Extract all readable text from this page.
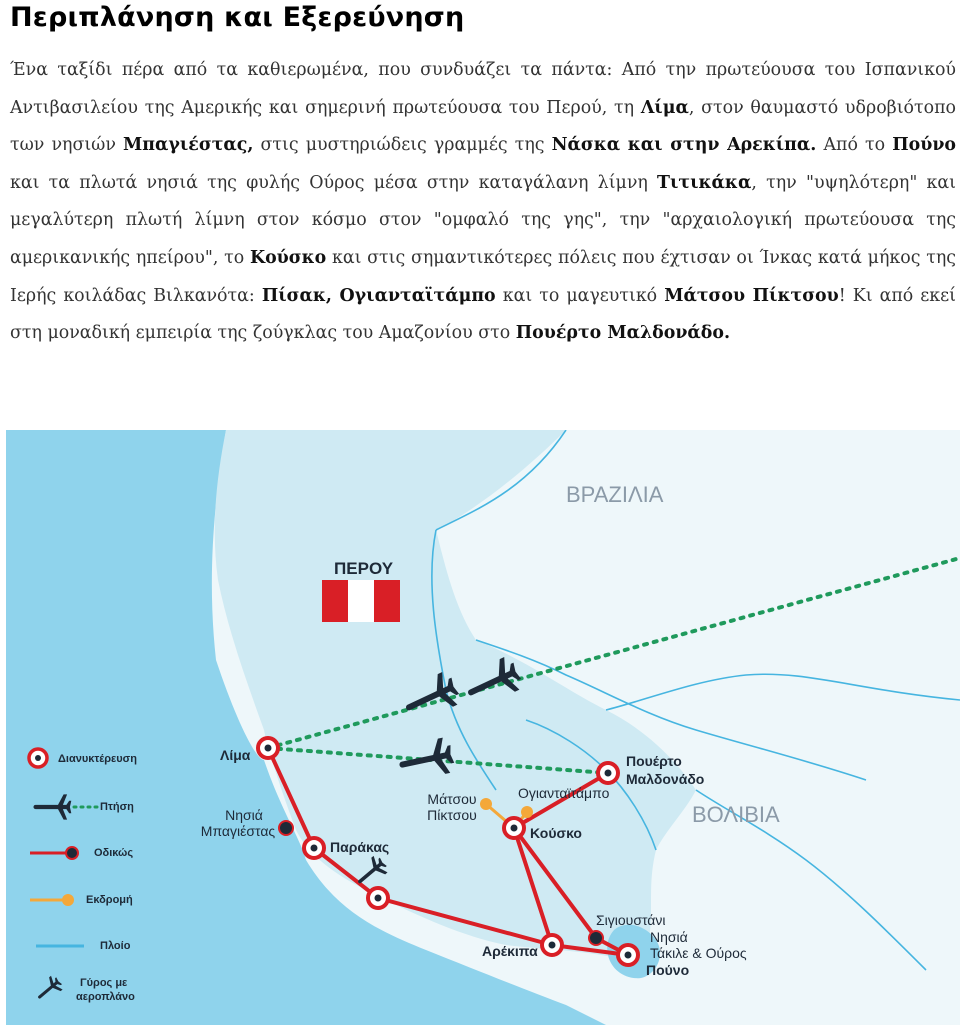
Περιπλάνηση και Εξερεύνηση
Ένα ταξίδι πέρα από τα καθιερωμένα, που συνδυάζει τα πάντα: Από την πρωτεύουσα του Ισπανικού Αντιβασιλείου της Αμερικής και σημερινή πρωτεύουσα του Περού, τη Λίμα, στον θαυμαστό υδροβιότοπο των νησιών Μπαγιέστας, στις μυστηριώδεις γραμμές της Νάσκα και στην Αρεκίπα. Από το Πούνο και τα πλωτά νησιά της φυλής Ούρος μέσα στην καταγάλανη λίμνη Τιτικάκα, την "υψηλότερη" και μεγαλύτερη πλωτή λίμνη στον κόσμο στον "ομφαλό της γης", την "αρχαιολογική πρωτεύουσα της αμερικανικής ηπείρου", το Κούσκο και στις σημαντικότερες πόλεις που έχτισαν οι Ίνκας κατά μήκος της Ιερής κοιλάδας Βιλκανότα: Πίσακ, Ογιανταϊτάμπο και το μαγευτικό Μάτσου Πίκτσου! Κι από εκεί στη μοναδική εμπειρία της ζούγκλας του Αμαζονίου στο Πουέρτο Μαλδονάδο.
ΒΡΑΖΙΛΙΑ
ΒΟΛΙΒΙΑ
ΠΕΡΟΥ
Λίμα
Νησιά
Μπαγιέστας
Παράκας
Μάτσου
Πίκτσου
Ογιανταϊτάμπο
Κούσκο
Πουέρτο
Μαλδονάδο
Σιγιουστάνι
Αρέκιπα
Νησιά
Τάκιλε & Ούρος
Πούνο
Διανυκτέρευση
Πτήση
Οδικώς
Εκδρομή
Πλοίο
Γύρος με
αεροπλάνο
